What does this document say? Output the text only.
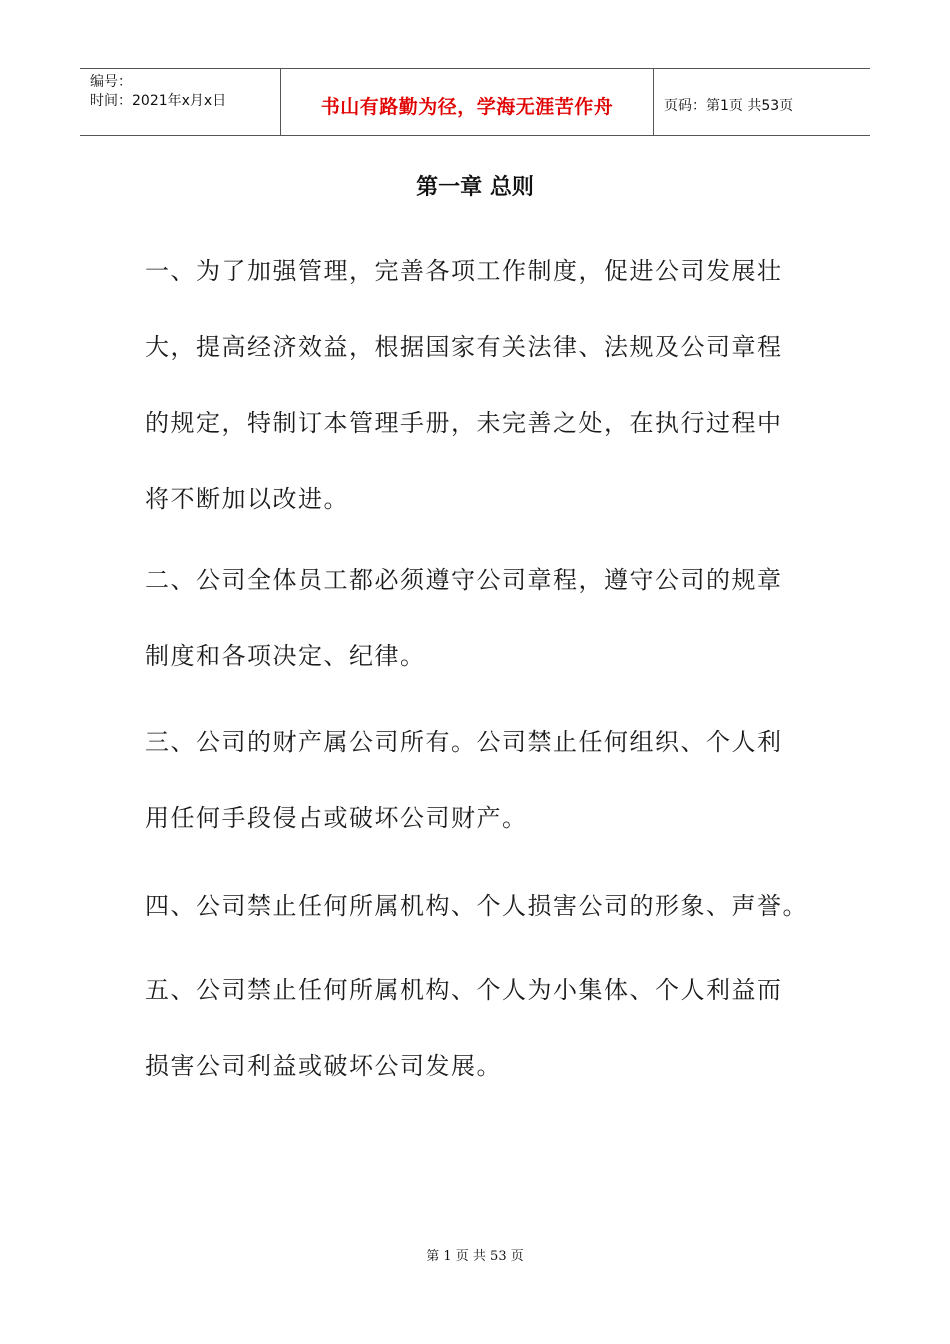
编号：
时间：2021年x月x日	书山有路勤为径，学海无涯苦作舟	页码：第1页 共53页
第一章 总则
一、为了加强管理，完善各项工作制度，促进公司发展壮
大，提高经济效益，根据国家有关法律、法规及公司章程
的规定，特制订本管理手册，未完善之处，在执行过程中
将不断加以改进。
二、公司全体员工都必须遵守公司章程，遵守公司的规章
制度和各项决定、纪律。
三、公司的财产属公司所有。公司禁止任何组织、个人利
用任何手段侵占或破坏公司财产。
四、公司禁止任何所属机构、个人损害公司的形象、声誉。
五、公司禁止任何所属机构、个人为小集体、个人利益而
损害公司利益或破坏公司发展。
第 1 页 共 53 页
